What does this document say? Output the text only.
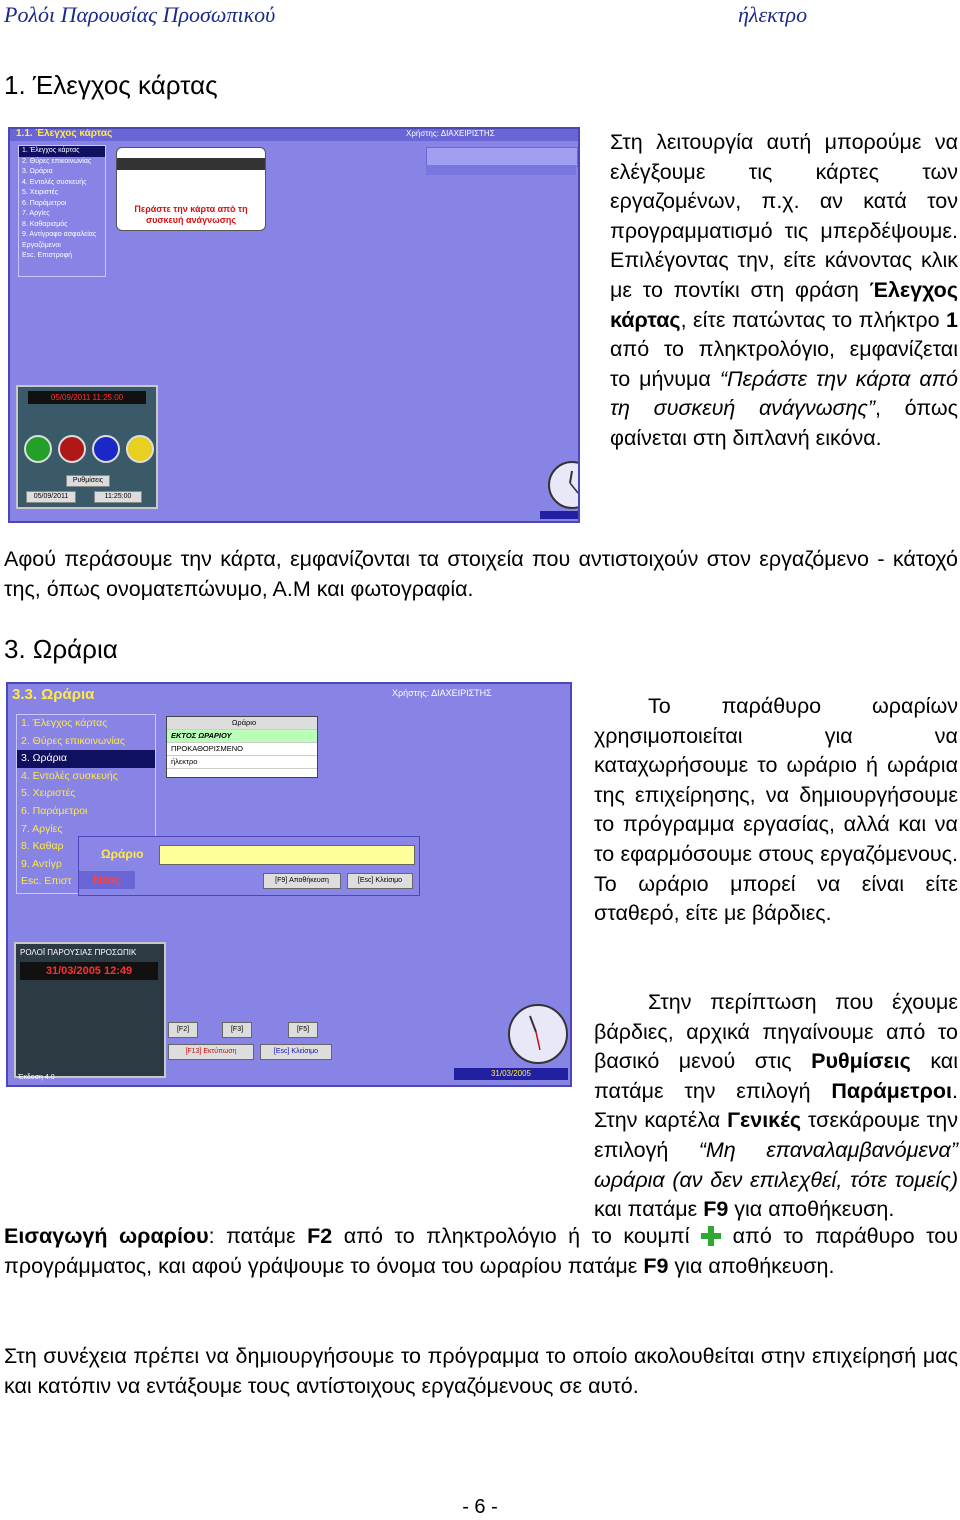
Ρολόι Παρουσίας Προσωπικού	ήλεκτρο
1. Έλεγχος κάρτας
1.1. Έλεγχος κάρτας	Χρήστης: ΔΙΑΧΕΙΡΙΣΤΗΣ
1. Έλεγχος κάρτας
2. Θύρες επικοινωνίας
3. Ωράρια
4. Εντολές συσκευής
5. Χειριστές
6. Παράμετροι
7. Αργίες
8. Καθαρισμός
9. Αντίγραφο ασφαλείας
Εργαζόμενοι
Esc. Επιστροφή
Περάστε την κάρτα από τη συσκευή ανάγνωσης
05/09/2011 11:25:00
Ρυθμίσεις
05/09/2011	11:25:00

Στη λειτουργία αυτή μπορούμε να ελέγξουμε τις κάρτες των εργαζομένων, π.χ. αν κατά τον προγραμματισμό τις μπερδέψουμε. Επιλέγοντας την, είτε κάνοντας κλικ με το ποντίκι στη φράση Έλεγχος κάρτας, είτε πατώντας το πλήκτρο 1 από το πληκτρολόγιο, εμφανίζεται το μήνυμα “Περάστε την κάρτα από τη συσκευή ανάγνωσης”, όπως φαίνεται στη διπλανή εικόνα.

Αφού περάσουμε την κάρτα, εμφανίζονται τα στοιχεία που αντιστοιχούν στον εργαζόμενο - κάτοχό της, όπως ονοματεπώνυμο, Α.Μ και φωτογραφία.

3. Ωράρια
3.3. Ωράρια	Χρήστης: ΔΙΑΧΕΙΡΙΣΤΗΣ
1. Έλεγχος κάρτας
2. Θύρες επικοινωνίας
3. Ωράρια
4. Εντολές συσκευής
5. Χειριστές
6. Παράμετροι
7. Αργίες
8. Καθαρ
9. Αντίγρ
Esc. Επιστ
Ωράριο
ΕΚΤΟΣ ΩΡΑΡΙΟΥ
ΠΡΟΚΑΘΟΡΙΣΜΕΝΟ
ήλεκτρο
Ωράριο
Νέος	[F9] Αποθήκευση	[Esc] Κλείσιμο
ΡΟΛΟΪ ΠΑΡΟΥΣΙΑΣ ΠΡΟΣΩΠΙΚ
31/03/2005 12:49
[F2]	[F3]	[F5]
[F13] Εκτύπωση	[Esc] Κλείσιμο
31/03/2005
Έκδοση 4.0

Το παράθυρο ωραρίων χρησιμοποιείται για να καταχωρήσουμε το ωράριο ή ωράρια της επιχείρησης, να δημιουργήσουμε το πρόγραμμα εργασίας, αλλά και να το εφαρμόσουμε στους εργαζόμενους. Το ωράριο μπορεί να είναι είτε σταθερό, είτε με βάρδιες.

Στην περίπτωση που έχουμε βάρδιες, αρχικά πηγαίνουμε από το βασικό μενού στις Ρυθμίσεις και πατάμε την επιλογή Παράμετροι. Στην καρτέλα Γενικές τσεκάρουμε την επιλογή “Μη επαναλαμβανόμενα” ωράρια (αν δεν επιλεχθεί, τότε τομείς) και πατάμε F9 για αποθήκευση.

Εισαγωγή ωραρίου: πατάμε F2 από το πληκτρολόγιο ή το κουμπί  από το παράθυρο του προγράμματος, και αφού γράψουμε το όνομα του ωραρίου πατάμε F9 για αποθήκευση.

Στη συνέχεια πρέπει να δημιουργήσουμε το πρόγραμμα το οποίο ακολουθείται στην επιχείρησή μας και κατόπιν να εντάξουμε τους αντίστοιχους εργαζόμενους σε αυτό.

- 6 -
